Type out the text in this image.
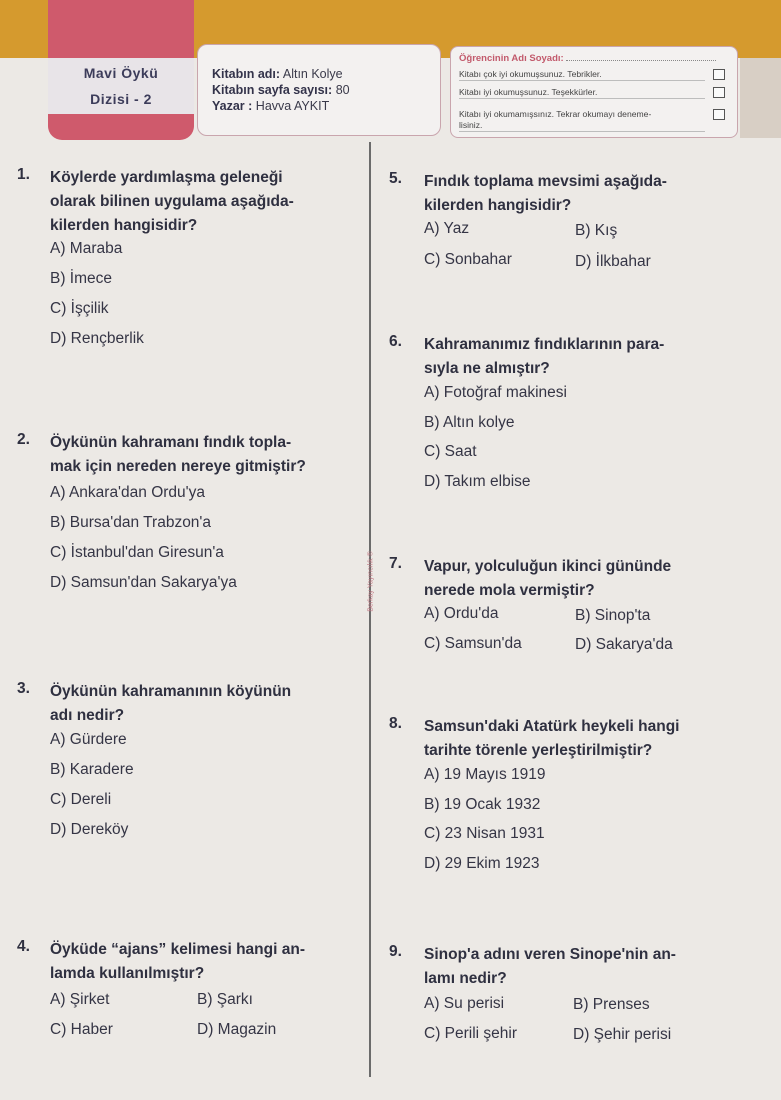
Mavi Öykü
Dizisi - 2
Kitabın adı: Altın Kolye
Kitabın sayfa sayısı: 80
Yazar : Havva AYKIT
Öğrencinin Adı Soyadı:
Kitabı çok iyi okumuşsunuz. Tebrikler.
Kitabı iyi okumuşsunuz. Teşekkürler.
Kitabı iyi okumamışsınız. Tekrar okumayı deneme-
lisiniz.
Berkay Yayıncılık ®
1. Köylerde yardımlaşma geleneği
olarak bilinen uygulama aşağıda-
kilerden hangisidir?
A) Maraba
B) İmece
C) İşçilik
D) Rençberlik
2. Öykünün kahramanı fındık topla-
mak için nereden nereye gitmiştir?
A) Ankara'dan Ordu'ya
B) Bursa'dan Trabzon'a
C) İstanbul'dan Giresun'a
D) Samsun'dan Sakarya'ya
3. Öykünün kahramanının köyünün
adı nedir?
A) Gürdere
B) Karadere
C) Dereli
D) Dereköy
4. Öyküde “ajans” kelimesi hangi an-
lamda kullanılmıştır?
A) Şirket	B) Şarkı
C) Haber	D) Magazin
5. Fındık toplama mevsimi aşağıda-
kilerden hangisidir?
A) Yaz	B) Kış
C) Sonbahar	D) İlkbahar
6. Kahramanımız fındıklarının para-
sıyla ne almıştır?
A) Fotoğraf makinesi
B) Altın kolye
C) Saat
D) Takım elbise
7. Vapur, yolculuğun ikinci gününde
nerede mola vermiştir?
A) Ordu'da	B) Sinop'ta
C) Samsun'da	D) Sakarya'da
8. Samsun'daki Atatürk heykeli hangi
tarihte törenle yerleştirilmiştir?
A) 19 Mayıs 1919
B) 19 Ocak 1932
C) 23 Nisan 1931
D) 29 Ekim 1923
9. Sinop'a adını veren Sinope'nin an-
lamı nedir?
A) Su perisi	B) Prenses
C) Perili şehir	D) Şehir perisi
